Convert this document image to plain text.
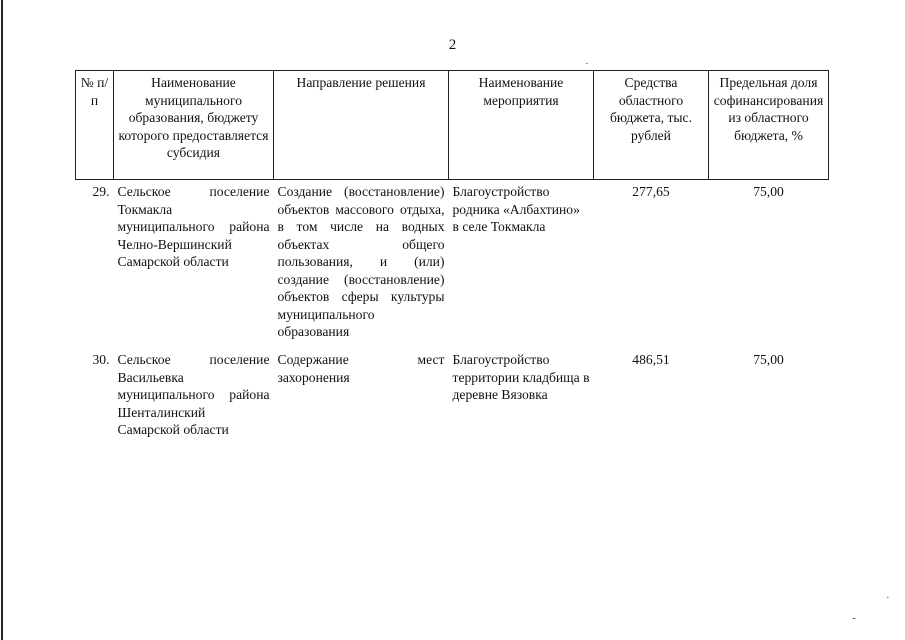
2
№ п/п	Наименование муниципального образования, бюджету которого предоставляется субсидия	Направление решения	Наименование мероприятия	Средства областного бюджета, тыс. рублей	Предельная доля софинансирования из областного бюджета, %
29.	Сельское поселение Токмакла муниципального района Челно-Вершинский Самарской области	Создание (восстановление) объектов массового отдыха, в том числе на водных объектах общего пользования, и (или) создание (восстановление) объектов сферы культуры муниципального образования	Благоустройство родника «Албахтино» в селе Токмакла	277,65	75,00
30.	Сельское поселение Васильевка муниципального района Шенталинский Самарской области	Содержание мест захоронения	Благоустройство территории кладбища в деревне Вязовка	486,51	75,00
·
-
·
